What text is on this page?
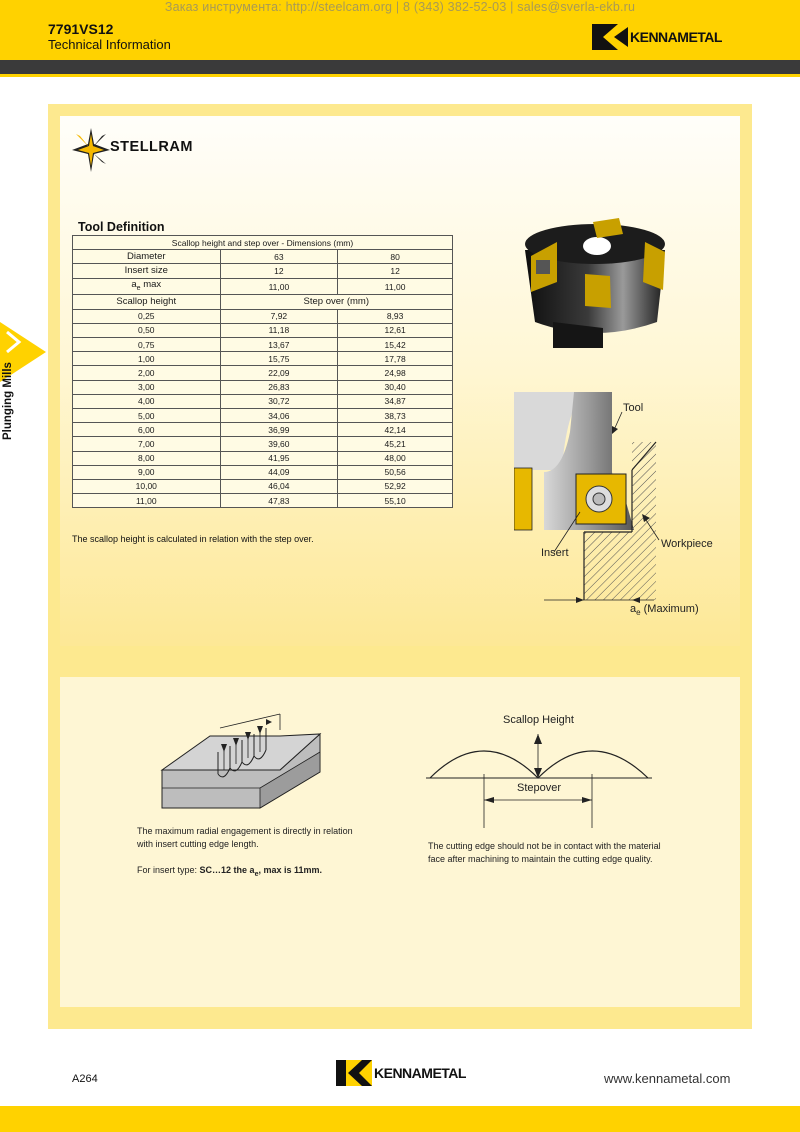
Заказ инструмента: http://steelcam.org | 8 (343) 382-52-03 | sales@sverla-ekb.ru
7791VS12
Technical Information	KENNAMETAL
Plunging Mills
STELLRAM
Tool Definition
Scallop height and step over - Dimensions (mm)		
Diameter	63	80
Insert size	12	12
$a_e$ max	11,00	11,00
Scallop height	Step over (mm)	
0,25	7,92	8,93
0,50	11,18	12,61
0,75	13,67	15,42
1,00	15,75	17,78
2,00	22,09	24,98
3,00	26,83	30,40
4,00	30,72	34,87
5,00	34,06	38,73
6,00	36,99	42,14
7,00	39,60	45,21
8,00	41,95	48,00
9,00	44,09	50,56
10,00	46,04	52,92
11,00	47,83	55,10
The scallop height is calculated in relation with the step over.
Tool
Insert
Workpiece
$a_e$ (Maximum)
Scallop Height
Stepover
The maximum radial engagement is directly in relation
with insert cutting edge length.
For insert type: SC…12 the $a_e$, max is 11mm.
The cutting edge should not be in contact with the material
face after machining to maintain the cutting edge quality.
A264	KENNAMETAL	www.kennametal.com
